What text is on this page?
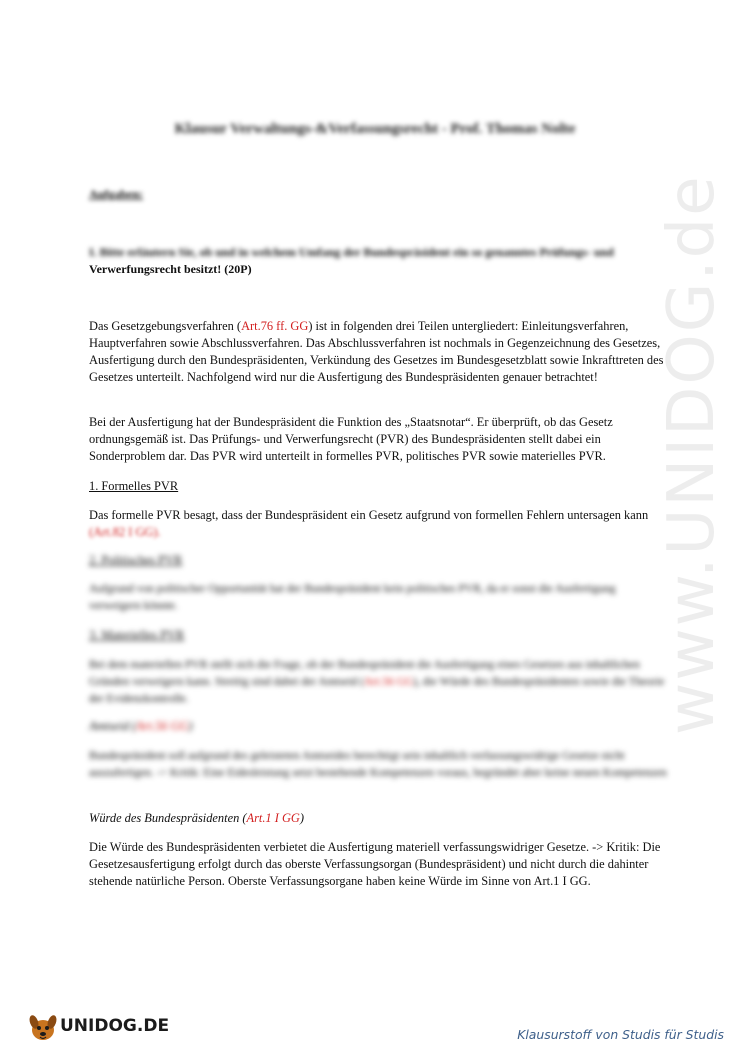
www.UNIDOG.de
Klausur Verwaltungs-&Verfassungsrecht - Prof. Thomas Nolte
Aufgaben:
I. Bitte erläutern Sie, ob und in welchem Umfang der Bundespräsident ein so genanntes Prüfungs- und
Verwerfungsrecht besitzt! (20P)
Das Gesetzgebungsverfahren (Art.76 ff. GG) ist in folgenden drei Teilen untergliedert: Einleitungsverfahren, Hauptverfahren sowie Abschlussverfahren. Das Abschlussverfahren ist nochmals in Gegenzeichnung des Gesetzes, Ausfertigung durch den Bundespräsidenten, Verkündung des Gesetzes im Bundesgesetzblatt sowie Inkrafttreten des Gesetzes unterteilt. Nachfolgend wird nur die Ausfertigung des Bundespräsidenten genauer betrachtet!
Bei der Ausfertigung hat der Bundespräsident die Funktion des „Staatsnotar“. Er überprüft, ob das Gesetz ordnungsgemäß ist. Das Prüfungs- und Verwerfungsrecht (PVR) des Bundespräsidenten stellt dabei ein Sonderproblem dar. Das PVR wird unterteilt in formelles PVR, politisches PVR sowie materielles PVR.
1. Formelles PVR
Das formelle PVR besagt, dass der Bundespräsident ein Gesetz aufgrund von formellen Fehlern untersagen kann (Art.82 I GG).
2. Politisches PVR
Aufgrund von politischer Opportunität hat der Bundespräsident kein politisches PVR, da er sonst die Ausfertigung verweigern könnte.
3. Materielles PVR
Bei dem materiellen PVR stellt sich die Frage, ob der Bundespräsident die Ausfertigung eines Gesetzes aus inhaltlichen Gründen verweigern kann. Streitig sind dabei der Amtseid (Art.56 GG), die Würde des Bundespräsidenten sowie die Theorie der Evidenzkontrolle.
Amtseid (Art.56 GG)
Bundespräsident soll aufgrund des geleisteten Amtseides berechtigt sein inhaltlich verfassungswidrige Gesetze nicht auszufertigen. -> Kritik: Eine Eidesleistung setzt bestehende Kompetenzen voraus, begründet aber keine neuen Kompetenzen
Würde des Bundespräsidenten (Art.1 I GG)
Die Würde des Bundespräsidenten verbietet die Ausfertigung materiell verfassungswidriger Gesetze. -> Kritik: Die Gesetzesausfertigung erfolgt durch das oberste Verfassungsorgan (Bundespräsident) und nicht durch die dahinter stehende natürliche Person. Oberste Verfassungsorgane haben keine Würde im Sinne von Art.1 I GG.
UNIDOG.DE	Klausurstoff von Studis für Studis
